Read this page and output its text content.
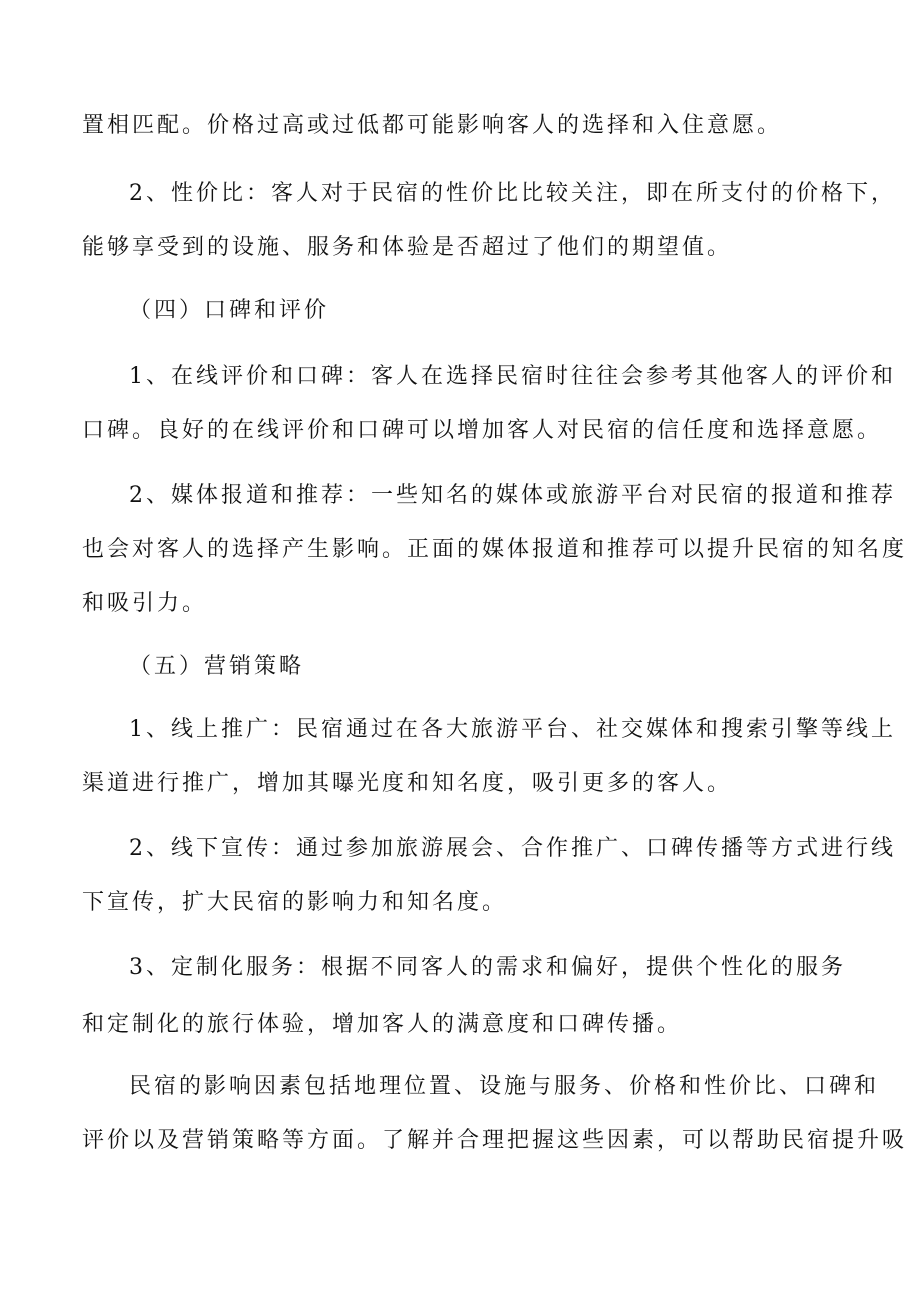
置相匹配。价格过高或过低都可能影响客人的选择和入住意愿。
2、性价比：客人对于民宿的性价比比较关注，即在所支付的价格下，
能够享受到的设施、服务和体验是否超过了他们的期望值。
（四）口碑和评价
1、在线评价和口碑：客人在选择民宿时往往会参考其他客人的评价和
口碑。良好的在线评价和口碑可以增加客人对民宿的信任度和选择意愿。
2、媒体报道和推荐：一些知名的媒体或旅游平台对民宿的报道和推荐
也会对客人的选择产生影响。正面的媒体报道和推荐可以提升民宿的知名度
和吸引力。
（五）营销策略
1、线上推广：民宿通过在各大旅游平台、社交媒体和搜索引擎等线上
渠道进行推广，增加其曝光度和知名度，吸引更多的客人。
2、线下宣传：通过参加旅游展会、合作推广、口碑传播等方式进行线
下宣传，扩大民宿的影响力和知名度。
3、定制化服务：根据不同客人的需求和偏好，提供个性化的服务
和定制化的旅行体验，增加客人的满意度和口碑传播。
民宿的影响因素包括地理位置、设施与服务、价格和性价比、口碑和
评价以及营销策略等方面。了解并合理把握这些因素，可以帮助民宿提升吸
